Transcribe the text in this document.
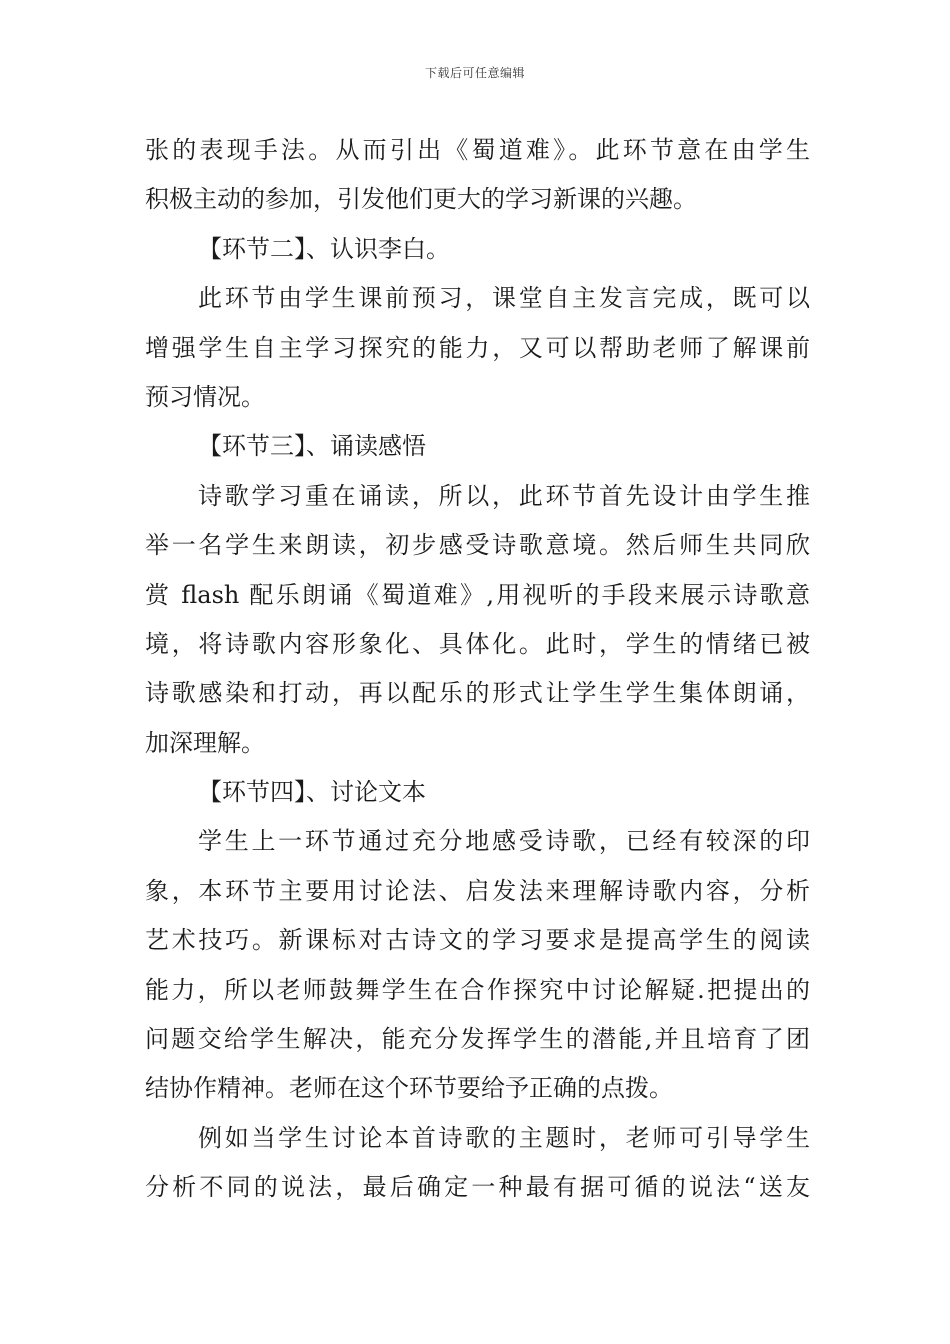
下载后可任意编辑
张的表现手法。从而引出《蜀道难》。此环节意在由学生
积极主动的参加，引发他们更大的学习新课的兴趣。
【环节二】、认识李白。
此环节由学生课前预习，课堂自主发言完成，既可以
增强学生自主学习探究的能力，又可以帮助老师了解课前
预习情况。
【环节三】、诵读感悟
诗歌学习重在诵读，所以，此环节首先设计由学生推
举一名学生来朗读，初步感受诗歌意境。然后师生共同欣
赏 flash 配乐朗诵《蜀道难》,用视听的手段来展示诗歌意
境，将诗歌内容形象化、具体化。此时，学生的情绪已被
诗歌感染和打动，再以配乐的形式让学生学生集体朗诵，
加深理解。
【环节四】、讨论文本
学生上一环节通过充分地感受诗歌，已经有较深的印
象，本环节主要用讨论法、启发法来理解诗歌内容，分析
艺术技巧。新课标对古诗文的学习要求是提高学生的阅读
能力，所以老师鼓舞学生在合作探究中讨论解疑.把提出的
问题交给学生解决，能充分发挥学生的潜能,并且培育了团
结协作精神。老师在这个环节要给予正确的点拨。
例如当学生讨论本首诗歌的主题时，老师可引导学生
分析不同的说法，最后确定一种最有据可循的说法“送友
